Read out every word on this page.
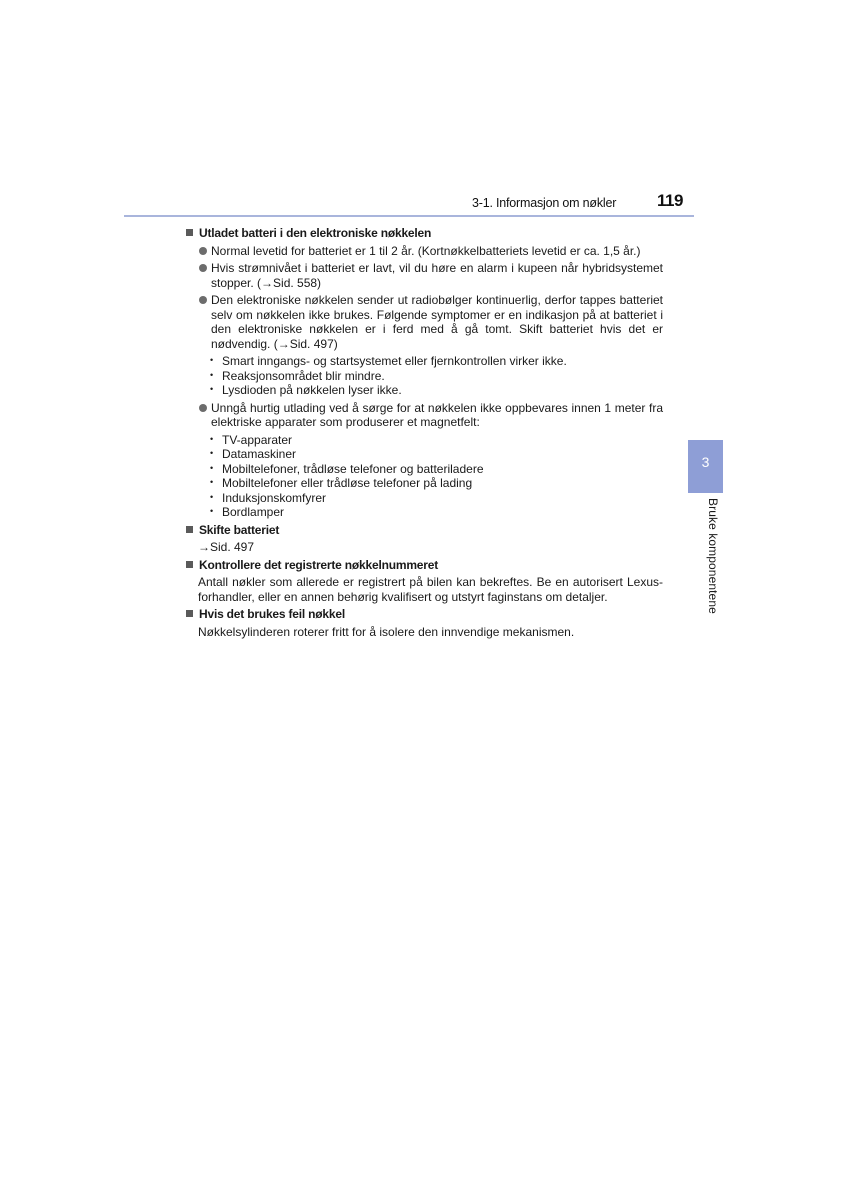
3-1. Informasjon om nøkler 119
3
Bruke komponentene
Utladet batteri i den elektroniske nøkkelen
Normal levetid for batteriet er 1 til 2 år. (Kortnøkkelbatteriets levetid er ca. 1,5 år.)
Hvis strømnivået i batteriet er lavt, vil du høre en alarm i kupeen når hybridsystemet stopper. (→Sid. 558)
Den elektroniske nøkkelen sender ut radiobølger kontinuerlig, derfor tappes batteriet selv om nøkkelen ikke brukes. Følgende symptomer er en indikasjon på at batteriet i den elektroniske nøkkelen er i ferd med å gå tomt. Skift batteriet hvis det er nødvendig. (→Sid. 497)
• Smart inngangs- og startsystemet eller fjernkontrollen virker ikke.
• Reaksjonsområdet blir mindre.
• Lysdioden på nøkkelen lyser ikke.
Unngå hurtig utlading ved å sørge for at nøkkelen ikke oppbevares innen 1 meter fra elektriske apparater som produserer et magnetfelt:
• TV-apparater
• Datamaskiner
• Mobiltelefoner, trådløse telefoner og batteriladere
• Mobiltelefoner eller trådløse telefoner på lading
• Induksjonskomfyrer
• Bordlamper
Skifte batteriet
→Sid. 497
Kontrollere det registrerte nøkkelnummeret
Antall nøkler som allerede er registrert på bilen kan bekreftes. Be en autorisert Lexus-forhandler, eller en annen behørig kvalifisert og utstyrt faginstans om detaljer.
Hvis det brukes feil nøkkel
Nøkkelsylinderen roterer fritt for å isolere den innvendige mekanismen.
